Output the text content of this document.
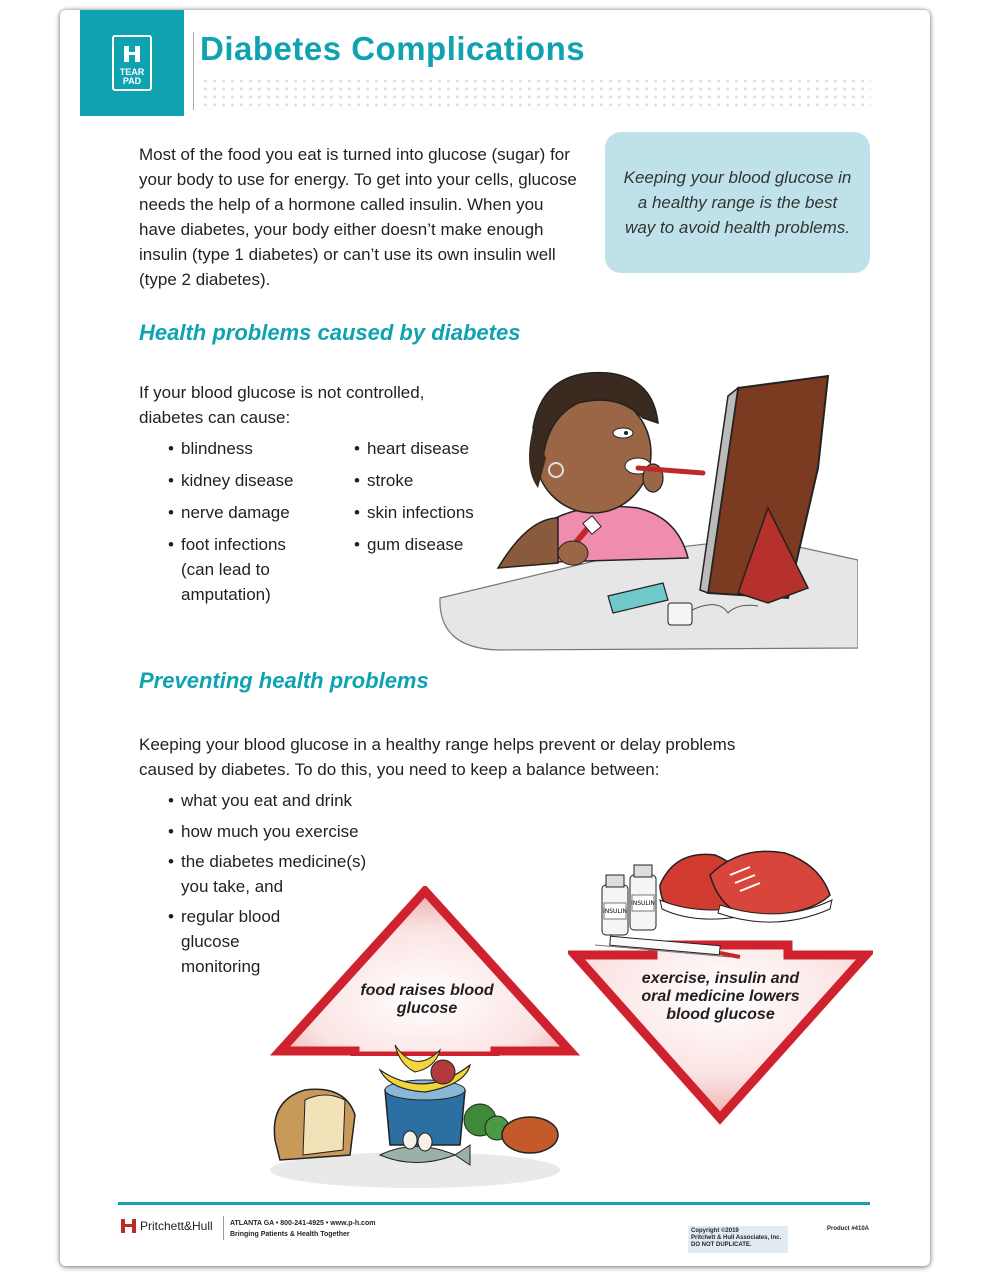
TEAR
PAD
Diabetes Complications

Most of the food you eat is turned into glucose (sugar) for your body to use for energy. To get into your cells, glucose needs the help of a hormone called insulin. When you have diabetes, your body either doesn’t make enough insulin (type 1 diabetes) or can’t use its own insulin well (type 2 diabetes).

Keeping your blood glucose in a healthy range is the best way to avoid health problems.
Health problems caused by diabetes

If your blood glucose is not controlled, diabetes can cause:

• blindness
• kidney disease
• nerve damage
• foot infections (can lead to amputation)
• heart disease
• stroke
• skin infections
• gum disease
Preventing health problems

Keeping your blood glucose in a healthy range helps prevent or delay problems caused by diabetes. To do this, you need to keep a balance between:

• what you eat and drink
• how much you exercise
• the diabetes medicine(s) you take, and
• regular blood glucose monitoring
food raises blood glucose
exercise, insulin and oral medicine lowers blood glucose
INSULIN
INSULIN
Pritchett&Hull ATLANTA GA • 800-241-4925 • www.p-h.com
Bringing Patients & Health Together	Copyright ©2019
Pritchett & Hull Associates, Inc.
DO NOT DUPLICATE.
Product #410A
